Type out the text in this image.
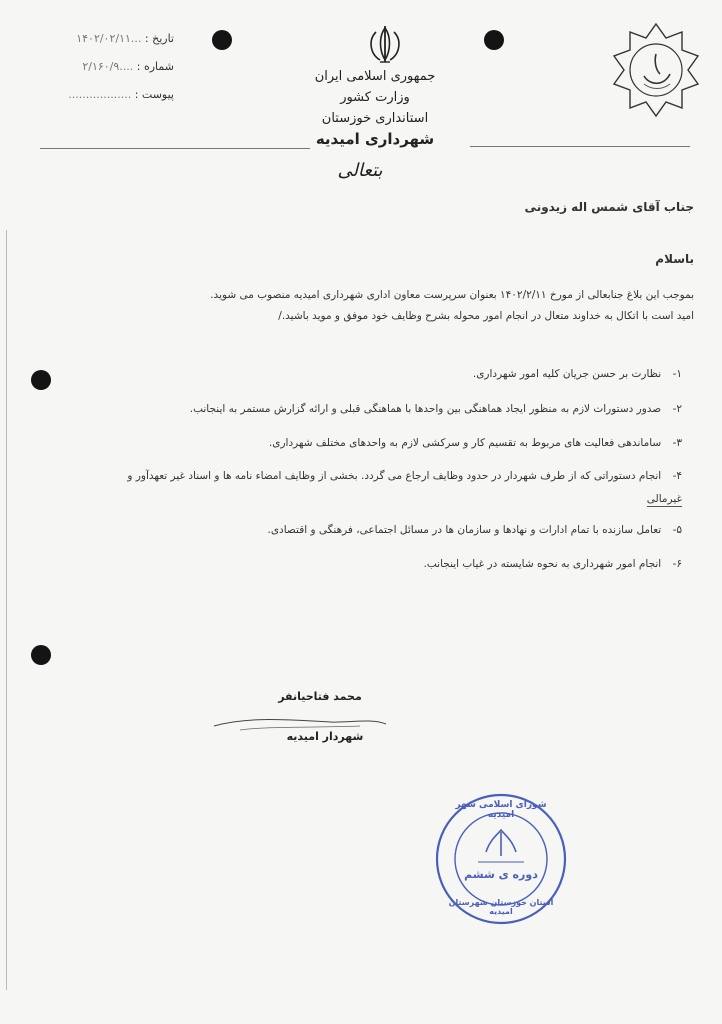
تاریخ : ...۱۴۰۲/۰۲/۱۱
شماره : ....۲/۱۶۰/۹
پیوست : ..................
جمهوری اسلامی ایران
وزارت کشور
استانداری خوزستان
شهرداری امیدیه
بتعالی
جناب آقای شمس اله زیدونی
باسلام
بموجب این بلاغ جنابعالی از مورخ ۱۴۰۲/۲/۱۱ بعنوان سرپرست معاون اداری شهرداری امیدیه منصوب می شوید.
امید است با اتکال به خداوند متعال در انجام امور محوله بشرح وظایف خود موفق و موید باشید./
۱- نظارت بر حسن جریان کلیه امور شهرداری.
۲- صدور دستورات لازم به منظور ایجاد هماهنگی بین واحدها با هماهنگی قبلی و ارائه گزارش مستمر به اینجانب.
۳- ساماندهی فعالیت های مربوط به تقسیم کار و سرکشی لازم به واحدهای مختلف شهرداری.
۴- انجام دستوراتی که از طرف شهردار در حدود وظایف ارجاع می گردد. بخشی از وظایف امضاء نامه ها و اسناد غیر تعهدآور و
غیرمالی
۵- تعامل سازنده با تمام ادارات و نهادها و سازمان ها در مسائل اجتماعی، فرهنگی و اقتصادی.
۶- انجام امور شهرداری به نحوه شایسته در غیاب اینجانب.
محمد فتاحیانفر
شهردار امیدیه
شورای اسلامی شهر امیدیه
دوره ی ششم
استان خوزستان شهرستان امیدیه
